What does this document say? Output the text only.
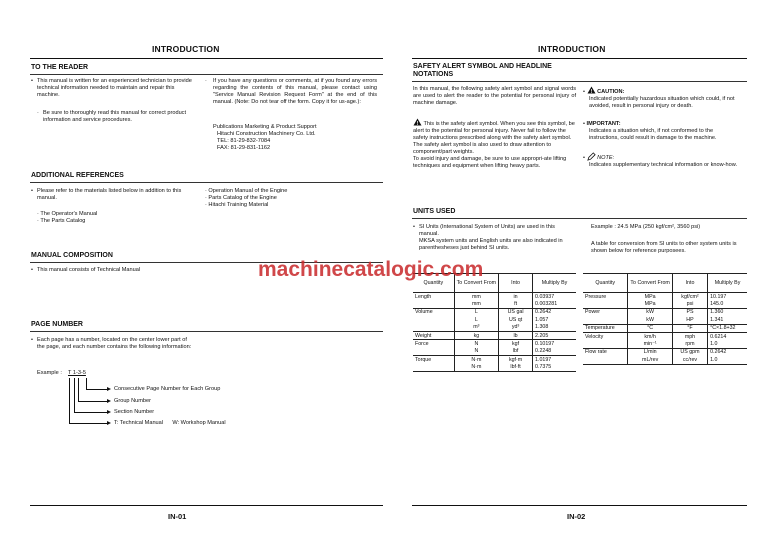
INTRODUCTION
TO THE READER
• This manual is written for an experienced technician to provide technical information needed to maintain and repair this machine.
· Be sure to thoroughly read this manual for correct product information and service procedures.
· If you have any questions or comments, at if you found any errors regarding the contents of this manual, please contact using "Service Manual Revision Request Form" at the end of this manual. (Note: Do not tear off the form. Copy it for us-age.):
Publications Marketing & Product Support
Hitachi Construction Machinery Co. Ltd.
TEL: 81-29-832-7084
FAX: 81-29-831-1162
ADDITIONAL REFERENCES
• Please refer to the materials listed below in addition to this manual.
· The Operator's Manual
· The Parts Catalog
· Operation Manual of the Engine
· Parts Catalog of the Engine
· Hitachi Training Material
MANUAL COMPOSITION
• This manual consists of Technical Manual
PAGE NUMBER
• Each page has a number, located on the center lower part of the page, and each number contains the following information:
Example : T 1-3-5
Consecutive Page Number for Each Group
Group Number
Section Number
T: Technical Manual      W: Workshop Manual
IN-01
INTRODUCTION
SAFETY ALERT SYMBOL AND HEADLINE
NOTATIONS
In this manual, the following safety alert symbol and signal words are used to alert the reader to the potential for personal injury of machine damage.
! This is the safety alert symbol. When you see this symbol, be alert to the potential for personal injury. Never fail to follow the safety instructions prescribed along with the safety alert symbol.
The safety alert symbol is also used to draw attention to component/part weights.
To avoid injury and damage, be sure to use appropri-ate lifting techniques and equipment when lifting heavy parts.
• ! CAUTION:
Indicated potentially hazardous situation which could, if not avoided, result in personal injury or death.
• IMPORTANT:
Indicates a situation which, if not conformed to the instructions, could result in damage to the machine.
•  NOTE:
Indicates supplementary technical information or know-how.
UNITS USED
• SI Units (International System of Units) are used in this manual.
MKSA system units and English units are also indicated in parenthesheses just behind SI units.
Example : 24.5 MPa (250 kgf/cm², 3560 psi)
A table for conversion from SI units to other system units is shown below for reference purposees.
Quantity	To Convert From	Into	Multiply By
Length	mm	in	0.03937
	mm	ft	0.003281
Volume	L	US gal	0.2642
	L	US qt	1.057
	m³	yd³	1.308
Weight	kg	lb	2.205
Force	N	kgf	0.10197
	N	lbf	0.2248
Torque	N·m	kgf·m	1.0197
	N·m	lbf·ft	0.7375
Quantity	To Convert From	Into	Multiply By
Pressure	MPa	kgf/cm²	10.197
	MPa	psi	145.0
Power	kW	PS	1.360
	kW	HP	1.341
Temperature	°C	°F	°C×1.8+32
Velocity	km/h	mph	0.6214
	min⁻¹	rpm	1.0
Flow rate	L/min	US gpm	0.2642
	mL/rev	cc/rev	1.0
IN-02
machinecatalogic.com
